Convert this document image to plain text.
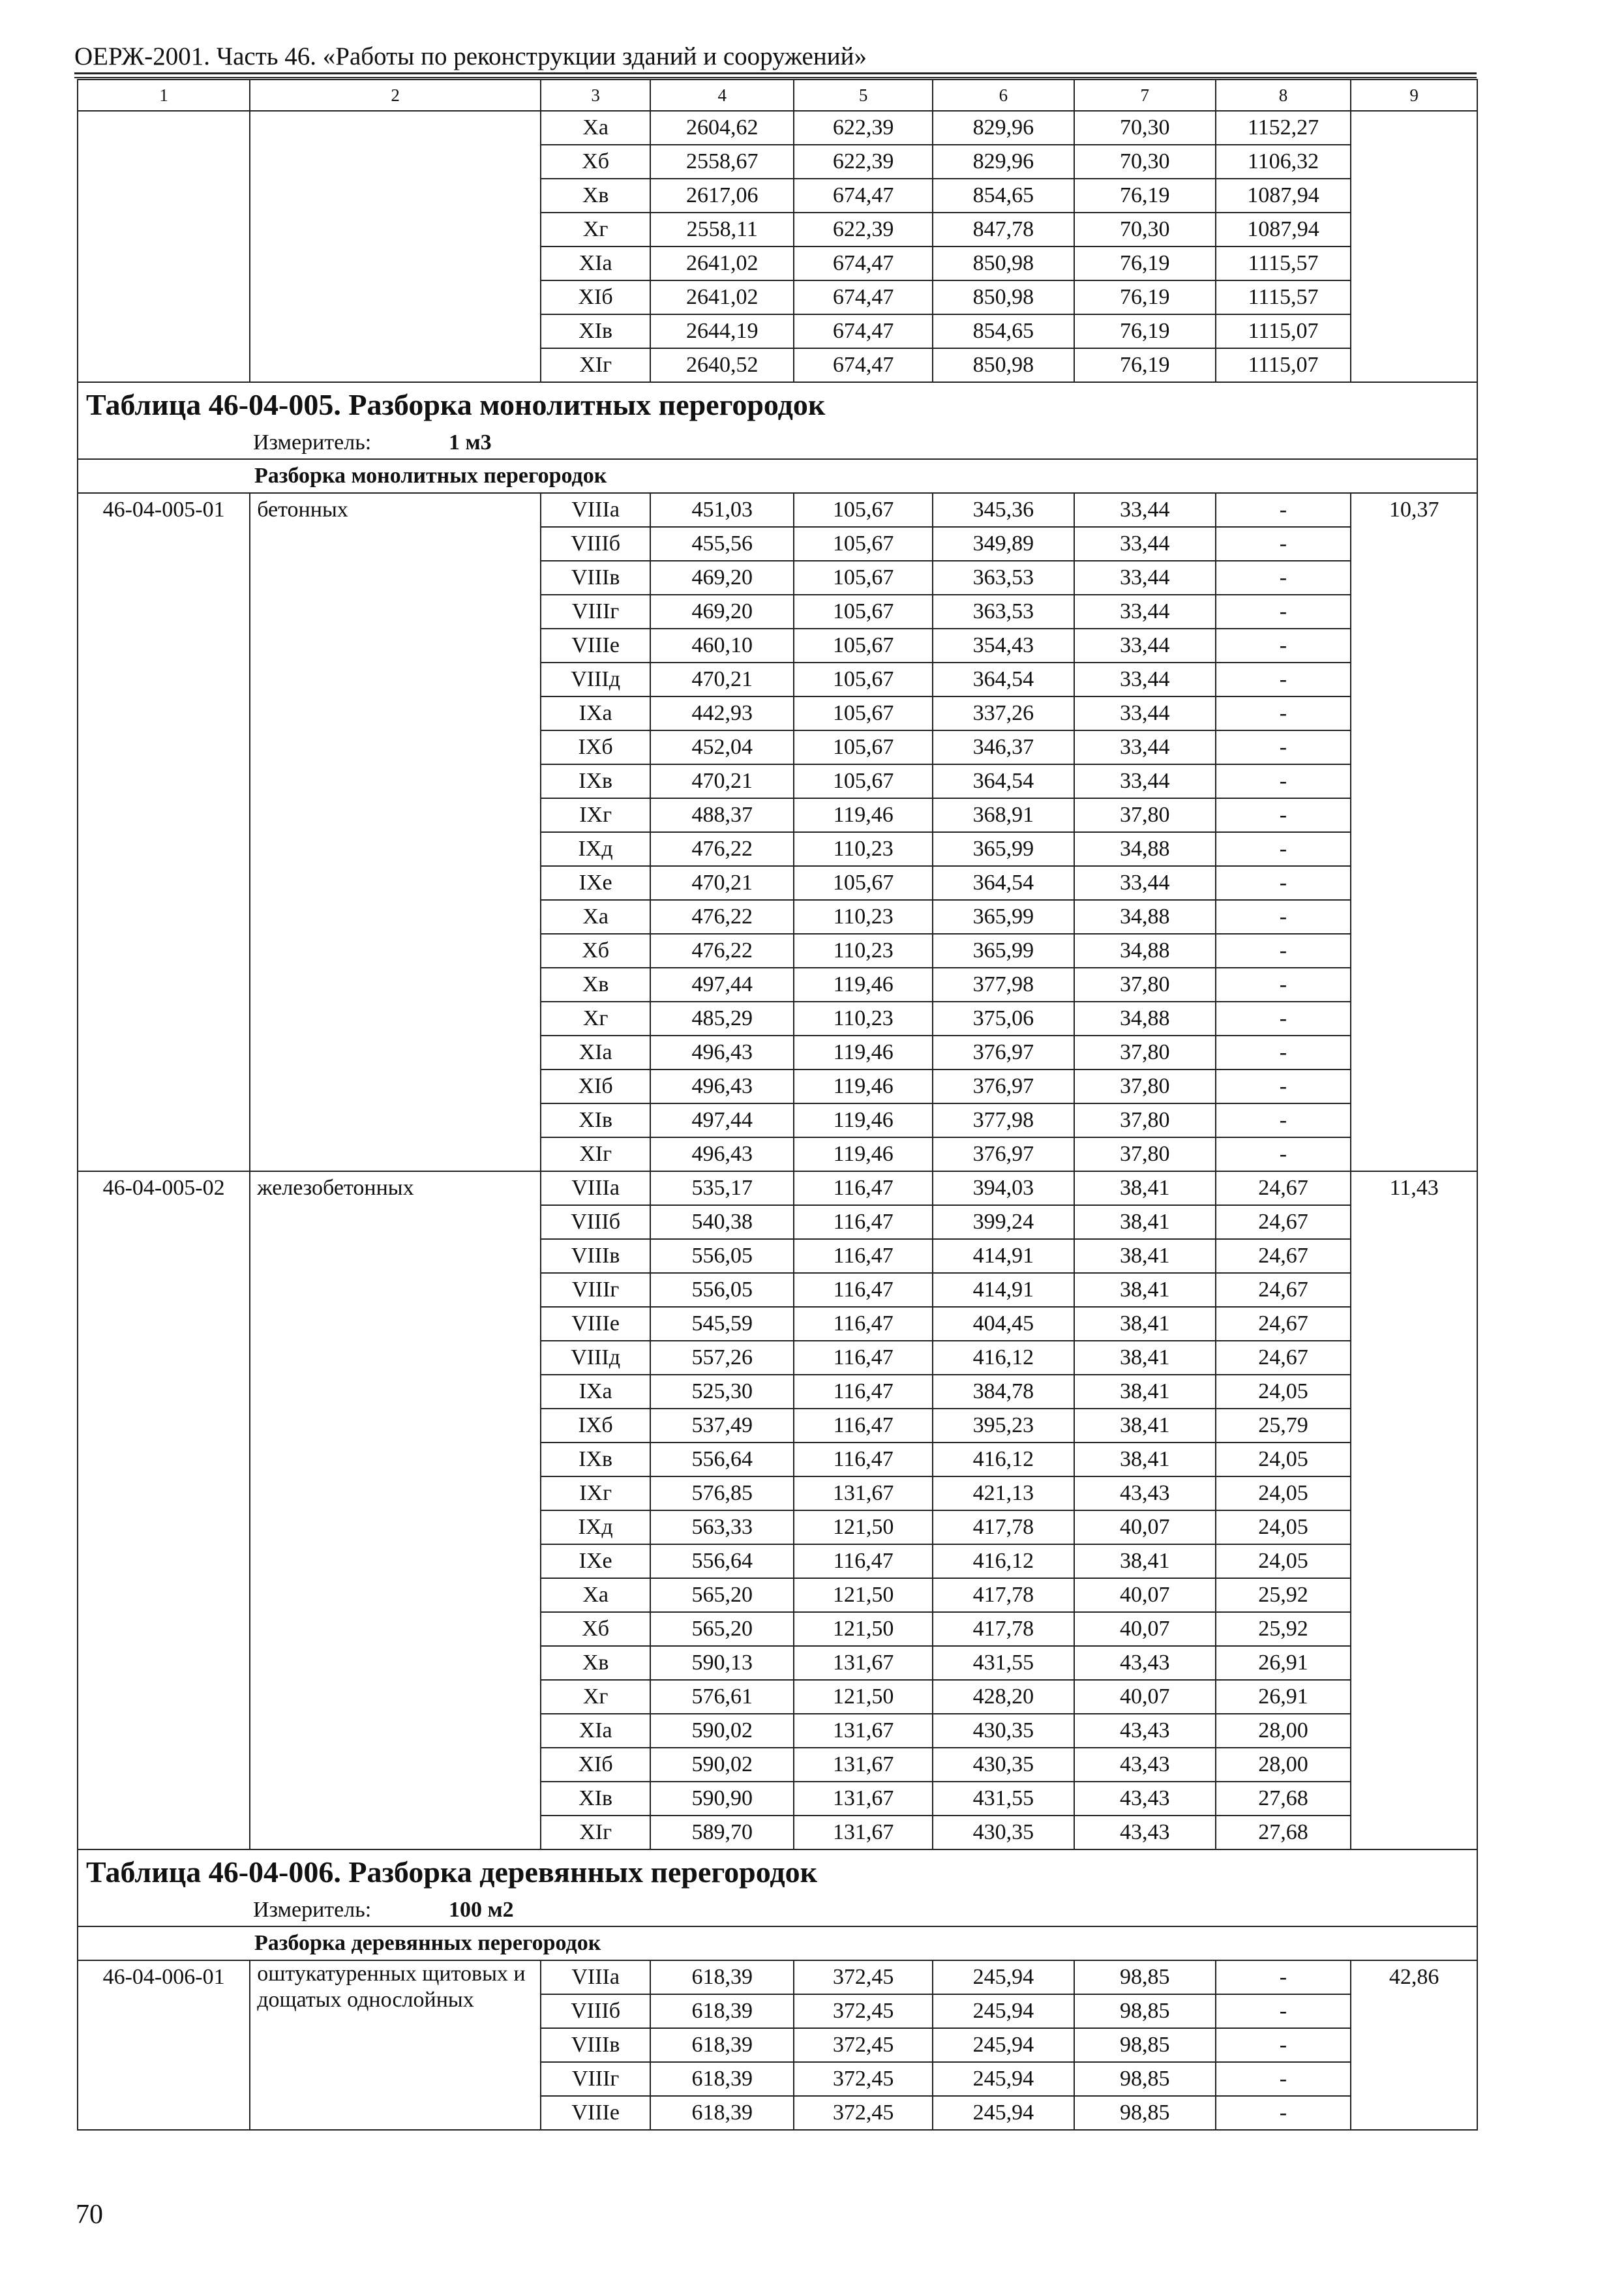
ОЕРЖ-2001. Часть 46. «Работы по реконструкции зданий и сооружений»
1	2	3	4	5	6	7	8	9
		Xa	2604,62	622,39	829,96	70,30	1152,27	
		Xб	2558,67	622,39	829,96	70,30	1106,32	
		Xв	2617,06	674,47	854,65	76,19	1087,94	
		Xг	2558,11	622,39	847,78	70,30	1087,94	
		XIa	2641,02	674,47	850,98	76,19	1115,57	
		XIб	2641,02	674,47	850,98	76,19	1115,57	
		XIв	2644,19	674,47	854,65	76,19	1115,07	
		XIг	2640,52	674,47	850,98	76,19	1115,07	
Таблица 46-04-005. Разборка монолитных перегородок								
Измеритель: 1 м3								
Разборка монолитных перегородок								
46-04-005-01	бетонных	VIIIa	451,03	105,67	345,36	33,44	-	10,37
		VIIIб	455,56	105,67	349,89	33,44	-	
		VIIIв	469,20	105,67	363,53	33,44	-	
		VIIIг	469,20	105,67	363,53	33,44	-	
		VIIIe	460,10	105,67	354,43	33,44	-	
		VIIIд	470,21	105,67	364,54	33,44	-	
		IXa	442,93	105,67	337,26	33,44	-	
		IXб	452,04	105,67	346,37	33,44	-	
		IXв	470,21	105,67	364,54	33,44	-	
		IXг	488,37	119,46	368,91	37,80	-	
		IXд	476,22	110,23	365,99	34,88	-	
		IXe	470,21	105,67	364,54	33,44	-	
		Xa	476,22	110,23	365,99	34,88	-	
		Xб	476,22	110,23	365,99	34,88	-	
		Xв	497,44	119,46	377,98	37,80	-	
		Xг	485,29	110,23	375,06	34,88	-	
		XIa	496,43	119,46	376,97	37,80	-	
		XIб	496,43	119,46	376,97	37,80	-	
		XIв	497,44	119,46	377,98	37,80	-	
		XIг	496,43	119,46	376,97	37,80	-	
46-04-005-02	железобетонных	VIIIa	535,17	116,47	394,03	38,41	24,67	11,43
		VIIIб	540,38	116,47	399,24	38,41	24,67	
		VIIIв	556,05	116,47	414,91	38,41	24,67	
		VIIIг	556,05	116,47	414,91	38,41	24,67	
		VIIIe	545,59	116,47	404,45	38,41	24,67	
		VIIIд	557,26	116,47	416,12	38,41	24,67	
		IXa	525,30	116,47	384,78	38,41	24,05	
		IXб	537,49	116,47	395,23	38,41	25,79	
		IXв	556,64	116,47	416,12	38,41	24,05	
		IXг	576,85	131,67	421,13	43,43	24,05	
		IXд	563,33	121,50	417,78	40,07	24,05	
		IXe	556,64	116,47	416,12	38,41	24,05	
		Xa	565,20	121,50	417,78	40,07	25,92	
		Xб	565,20	121,50	417,78	40,07	25,92	
		Xв	590,13	131,67	431,55	43,43	26,91	
		Xг	576,61	121,50	428,20	40,07	26,91	
		XIa	590,02	131,67	430,35	43,43	28,00	
		XIб	590,02	131,67	430,35	43,43	28,00	
		XIв	590,90	131,67	431,55	43,43	27,68	
		XIг	589,70	131,67	430,35	43,43	27,68	
Таблица 46-04-006. Разборка деревянных перегородок								
Измеритель: 100 м2								
Разборка деревянных перегородок								
46-04-006-01	оштукатуренных щитовых и дощатых однослойных	VIIIa	618,39	372,45	245,94	98,85	-	42,86
		VIIIб	618,39	372,45	245,94	98,85	-	
		VIIIв	618,39	372,45	245,94	98,85	-	
		VIIIг	618,39	372,45	245,94	98,85	-	
		VIIIe	618,39	372,45	245,94	98,85	-	
70
